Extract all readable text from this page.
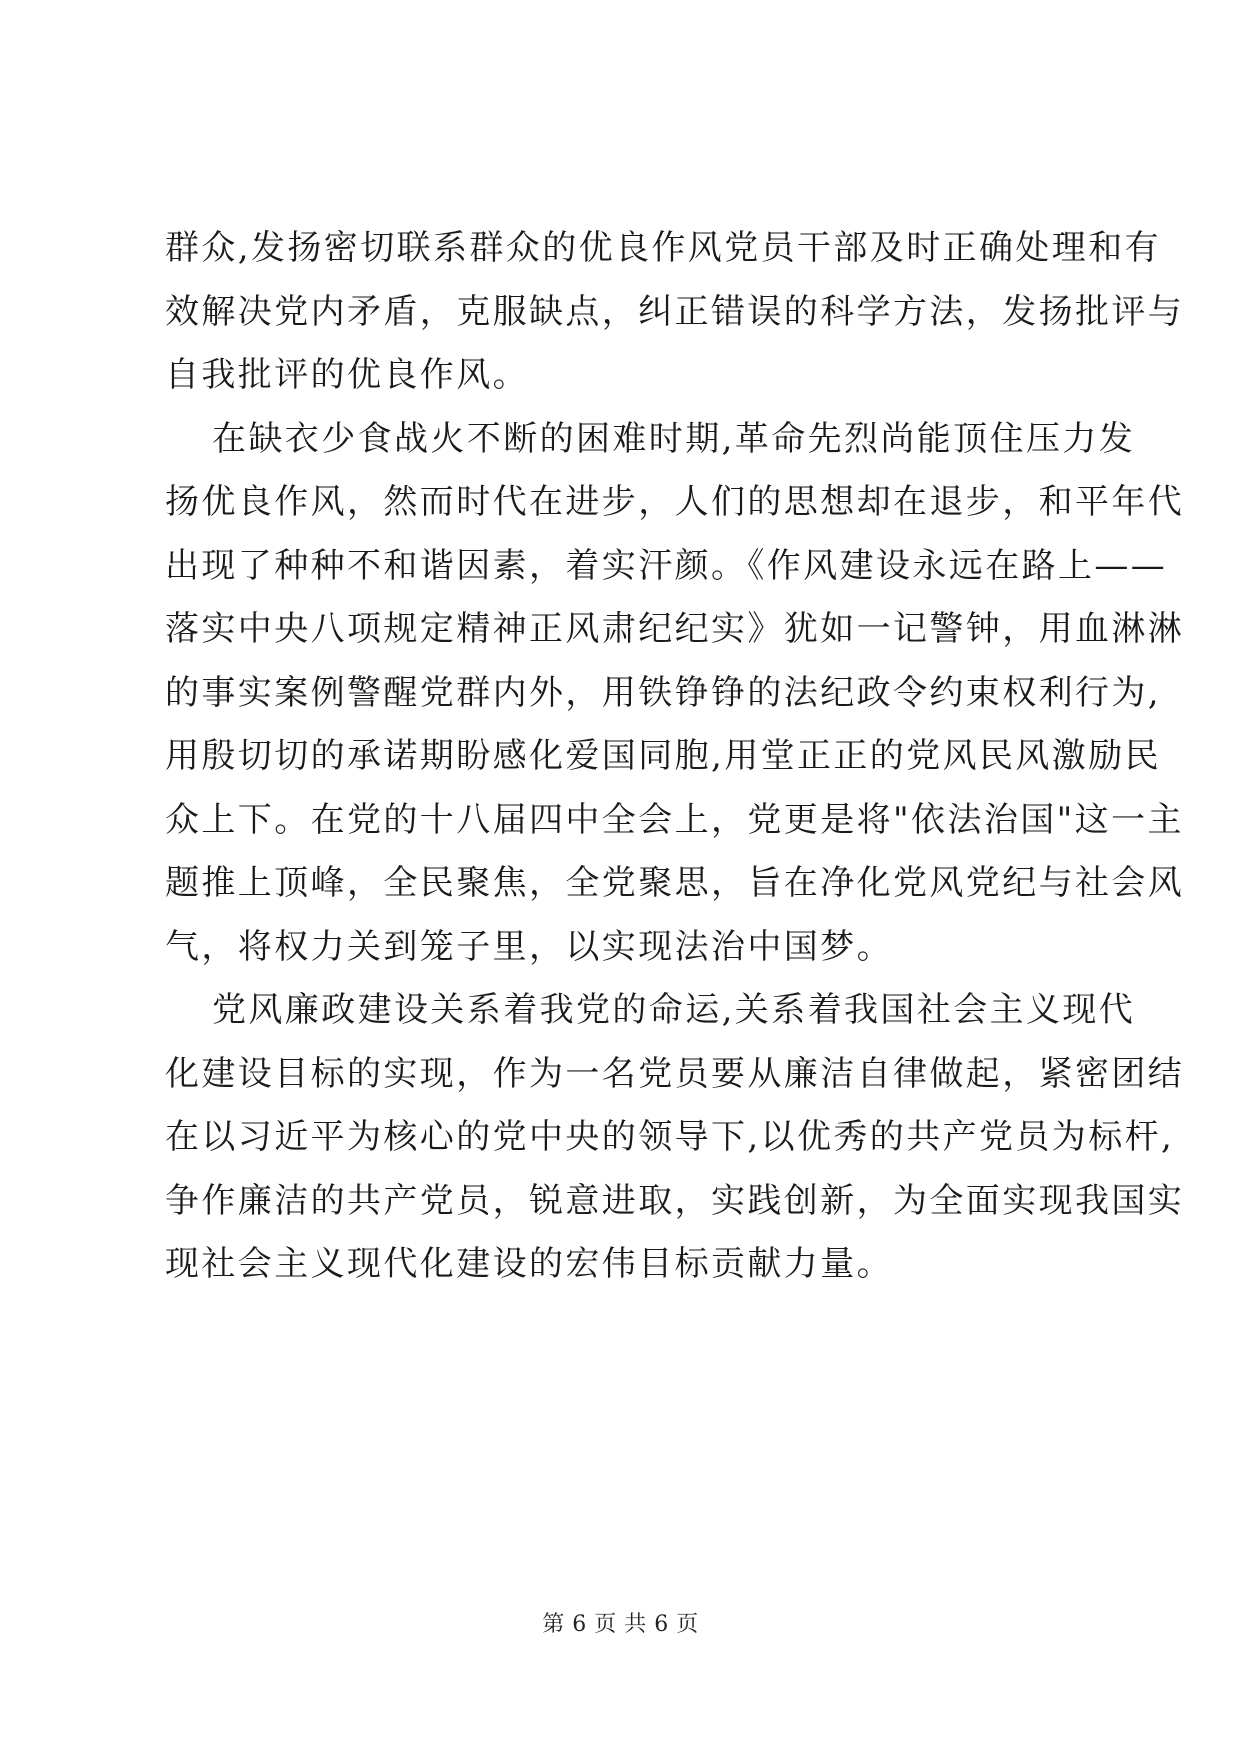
群众,发扬密切联系群众的优良作风党员干部及时正确处理和有
效解决党内矛盾，克服缺点，纠正错误的科学方法，发扬批评与
自我批评的优良作风。
在缺衣少食战火不断的困难时期,革命先烈尚能顶住压力发
扬优良作风，然而时代在进步，人们的思想却在退步，和平年代
出现了种种不和谐因素，着实汗颜。《作风建设永远在路上——
落实中央八项规定精神正风肃纪纪实》犹如一记警钟，用血淋淋
的事实案例警醒党群内外，用铁铮铮的法纪政令约束权利行为,
用殷切切的承诺期盼感化爱国同胞,用堂正正的党风民风激励民
众上下。在党的十八届四中全会上，党更是将"依法治国"这一主
题推上顶峰，全民聚焦，全党聚思，旨在净化党风党纪与社会风
气，将权力关到笼子里，以实现法治中国梦。
党风廉政建设关系着我党的命运,关系着我国社会主义现代
化建设目标的实现，作为一名党员要从廉洁自律做起，紧密团结
在以习近平为核心的党中央的领导下,以优秀的共产党员为标杆,
争作廉洁的共产党员，锐意进取，实践创新，为全面实现我国实
现社会主义现代化建设的宏伟目标贡献力量。
第 6 页 共 6 页
